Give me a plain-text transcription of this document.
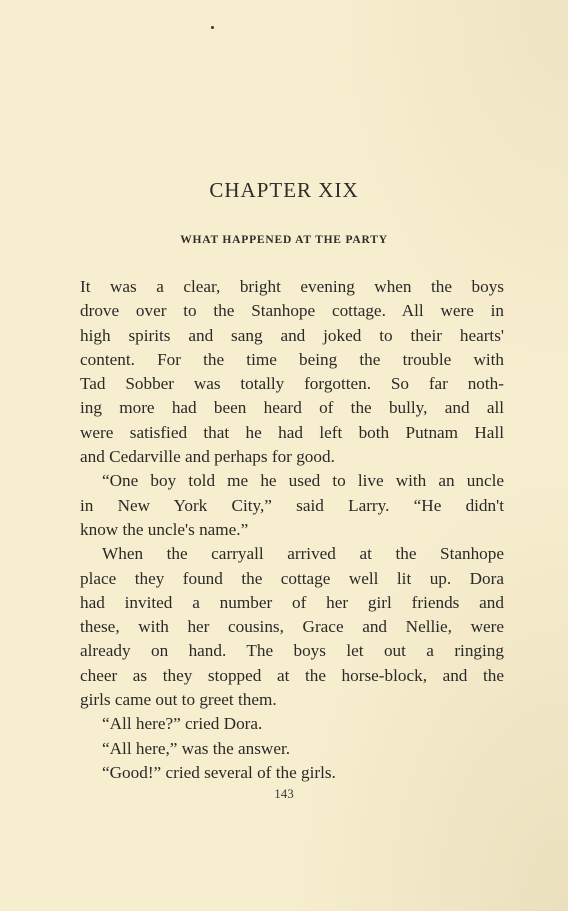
CHAPTER XIX
WHAT HAPPENED AT THE PARTY
It was a clear, bright evening when the boys
drove over to the Stanhope cottage. All were in
high spirits and sang and joked to their hearts'
content. For the time being the trouble with
Tad Sobber was totally forgotten. So far noth-
ing more had been heard of the bully, and all
were satisfied that he had left both Putnam Hall
and Cedarville and perhaps for good.
“One boy told me he used to live with an uncle
in New York City,” said Larry. “He didn't
know the uncle's name.”
When the carryall arrived at the Stanhope
place they found the cottage well lit up. Dora
had invited a number of her girl friends and
these, with her cousins, Grace and Nellie, were
already on hand. The boys let out a ringing
cheer as they stopped at the horse-block, and the
girls came out to greet them.
“All here?” cried Dora.
“All here,” was the answer.
“Good!” cried several of the girls.
143
